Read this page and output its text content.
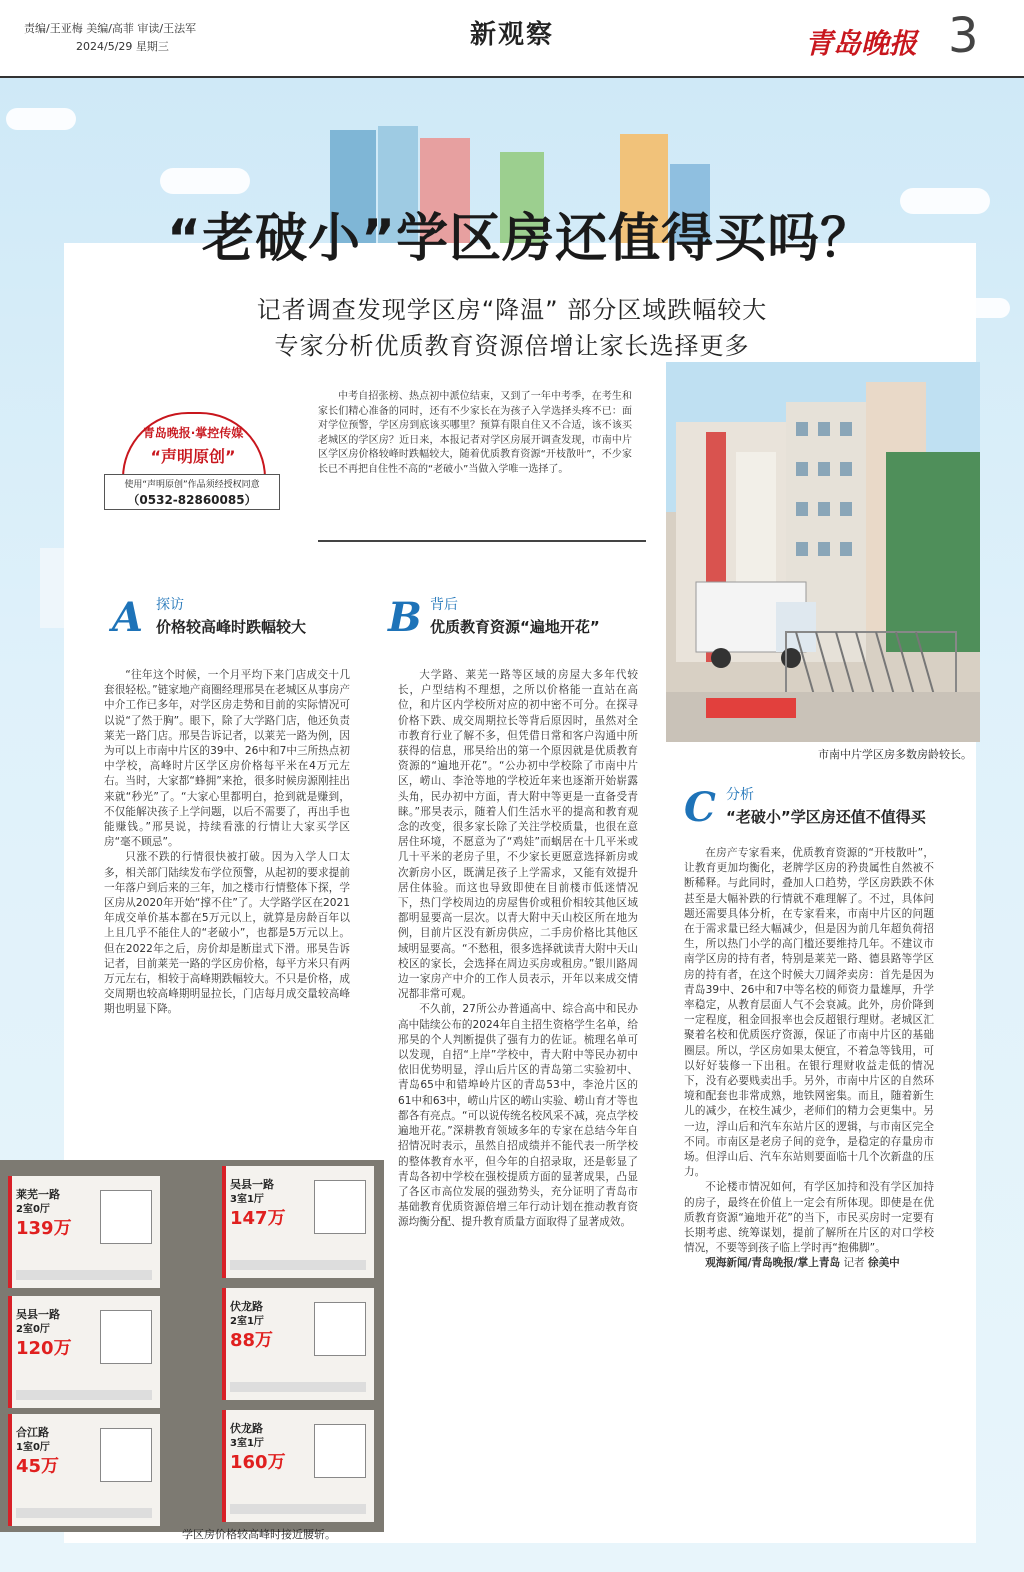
责编/王亚梅 美编/高菲 审读/王法军
2024/5/29 星期三	新观察	青岛晚报 3
“老破小”学区房还值得买吗？
记者调查发现学区房“降温” 部分区域跌幅较大
专家分析优质教育资源倍增让家长选择更多
青岛晚报·掌控传媒
“声明原创”
使用“声明原创”作品须经授权同意
（0532-82860085）
中考自招张榜、热点初中派位结束，又到了一年中考季，在考生和家长们精心准备的同时，还有不少家长在为孩子入学选择头疼不已：面对学位预警，学区房到底该买哪里？预算有限自住又不合适，该不该买老城区的学区房？近日来，本报记者对学区房展开调查发现，市南中片区学区房价格较峰时跌幅较大，随着优质教育资源“开枝散叶”，不少家长已不再把自住性不高的“老破小”当做入学唯一选择了。
市南中片学区房多数房龄较长。
A 探访
价格较高峰时跌幅较大

“往年这个时候，一个月平均下来门店成交十几套很轻松。”链家地产商圈经理邢昊在老城区从事房产中介工作已多年，对学区房走势和目前的实际情况可以说“了然于胸”。眼下，除了大学路门店，他还负责莱芜一路门店。邢昊告诉记者，以莱芜一路为例，因为可以上市南中片区的39中、26中和7中三所热点初中学校，高峰时片区学区房价格每平米在4万元左右。当时，大家都“蜂拥”来抢，很多时候房源刚挂出来就“秒光”了。“大家心里都明白，抢到就是赚到，不仅能解决孩子上学问题，以后不需要了，再出手也能赚钱。”邢昊说，持续看涨的行情让大家买学区房“毫不顾忌”。

只涨不跌的行情很快被打破。因为入学人口太多，相关部门陆续发布学位预警，从起初的要求提前一年落户到后来的三年，加之楼市行情整体下探，学区房从2020年开始“撑不住”了。大学路学区在2021年成交单价基本都在5万元以上，就算是房龄百年以上且几乎不能住人的“老破小”，也都是5万元以上。但在2022年之后，房价却是断崖式下滑。邢昊告诉记者，目前莱芜一路的学区房价格，每平方米只有两万元左右，相较于高峰期跌幅较大。不只是价格，成交周期也较高峰期明显拉长，门店每月成交量较高峰期也明显下降。

B 背后
优质教育资源“遍地开花”

大学路、莱芜一路等区域的房屋大多年代较长，户型结构不理想，之所以价格能一直站在高位，和片区内学校所对应的初中密不可分。在探寻价格下跌、成交周期拉长等背后原因时，虽然对全市教育行业了解不多，但凭借日常和客户沟通中所获得的信息，邢昊给出的第一个原因就是优质教育资源的“遍地开花”。“公办初中学校除了市南中片区，崂山、李沧等地的学校近年来也逐渐开始崭露头角，民办初中方面，青大附中等更是一直备受青睐。”邢昊表示，随着人们生活水平的提高和教育观念的改变，很多家长除了关注学校质量，也很在意居住环境，不愿意为了“鸡娃”而蜗居在十几平米或几十平米的老房子里，不少家长更愿意选择新房或次新房小区，既满足孩子上学需求，又能有效提升居住体验。而这也导致即使在目前楼市低迷情况下，热门学校周边的房屋售价或租价相较其他区域都明显要高一层次。以青大附中天山校区所在地为例，目前片区没有新房供应，二手房价格比其他区域明显要高。“不愁租，很多选择就读青大附中天山校区的家长，会选择在周边买房或租房。”银川路周边一家房产中介的工作人员表示，开年以来成交情况都非常可观。

不久前，27所公办普通高中、综合高中和民办高中陆续公布的2024年自主招生资格学生名单，给邢昊的个人判断提供了强有力的佐证。梳理名单可以发现，自招“上岸”学校中，青大附中等民办初中依旧优势明显，浮山后片区的青岛第二实验初中、青岛65中和错埠岭片区的青岛53中，李沧片区的61中和63中，崂山片区的崂山实验、崂山育才等也都各有亮点。“可以说传统名校风采不减，亮点学校遍地开花。”深耕教育领域多年的专家在总结今年自招情况时表示，虽然自招成绩并不能代表一所学校的整体教育水平，但今年的自招录取，还是彰显了青岛各初中学校在强校提质方面的显著成果，凸显了各区市高位发展的强劲势头，充分证明了青岛市基础教育优质资源倍增三年行动计划在推动教育资源均衡分配、提升教育质量方面取得了显著成效。

C 分析
“老破小”学区房还值不值得买

在房产专家看来，优质教育资源的“开枝散叶”，让教育更加均衡化，老牌学区房的矜贵属性自然被不断稀释。与此同时，叠加人口趋势，学区房跌跌不休甚至是大幅补跌的行情就不难理解了。不过，具体问题还需要具体分析，在专家看来，市南中片区的问题在于需求量已经大幅减少，但是因为前几年超负荷招生，所以热门小学的高门槛还要维持几年。不建议市南学区房的持有者，特别是莱芜一路、德县路等学区房的持有者，在这个时候大刀阔斧卖房：首先是因为青岛39中、26中和7中等名校的师资力量雄厚，升学率稳定，从教育层面人气不会衰减。此外，房价降到一定程度，租金回报率也会反超银行理财。老城区汇聚着名校和优质医疗资源，保证了市南中片区的基础圈层。所以，学区房如果太便宜，不着急等钱用，可以好好装修一下出租。在银行理财收益走低的情况下，没有必要贱卖出手。另外，市南中片区的自然环境和配套也非常成熟，地铁网密集。而且，随着新生儿的减少，在校生减少，老师们的精力会更集中。另一边，浮山后和汽车东站片区的逻辑，与市南区完全不同。市南区是老房子间的竞争，是稳定的存量房市场。但浮山后、汽车东站则要面临十几个次新盘的压力。

不论楼市情况如何，有学区加持和没有学区加持的房子，最终在价值上一定会有所体现。即使是在优质教育资源“遍地开花”的当下，市民买房时一定要有长期考虑、统筹谋划，提前了解所在片区的对口学校情况，不要等到孩子临上学时再“抱佛脚”。

观海新闻/青岛晚报/掌上青岛 记者 徐美中

莱芜一路
2室0厅
139万
吴县一路
3室1厅
147万
吴县一路
2室0厅
120万
伏龙路
2室1厅
88万
合江路
1室0厅
45万
伏龙路
3室1厅
160万
学区房价格较高峰时接近腰斩。
